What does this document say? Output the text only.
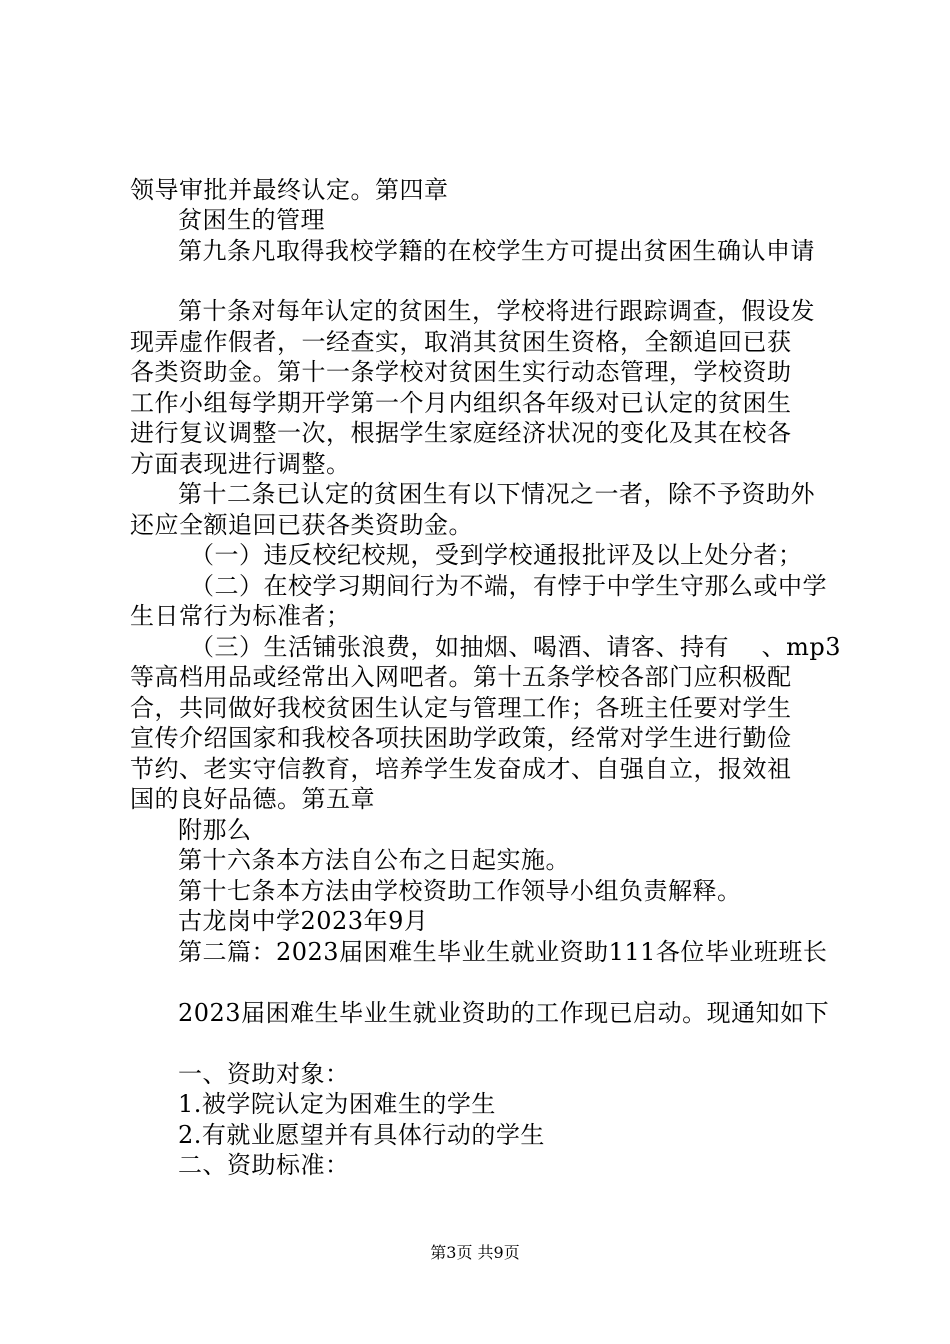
领导审批并最终认定。第四章
贫困生的管理
第九条凡取得我校学籍的在校学生方可提出贫困生确认申请
第十条对每年认定的贫困生，学校将进行跟踪调查，假设发
现弄虚作假者，一经查实，取消其贫困生资格，全额追回已获
各类资助金。第十一条学校对贫困生实行动态管理，学校资助
工作小组每学期开学第一个月内组织各年级对已认定的贫困生
进行复议调整一次，根据学生家庭经济状况的变化及其在校各
方面表现进行调整。
第十二条已认定的贫困生有以下情况之一者，除不予资助外
还应全额追回已获各类资助金。
（一）违反校纪校规，受到学校通报批评及以上处分者；
（二）在校学习期间行为不端，有悖于中学生守那么或中学
生日常行为标准者；
（三）生活铺张浪费，如抽烟、喝酒、请客、持有　 、mp3
等高档用品或经常出入网吧者。第十五条学校各部门应积极配
合，共同做好我校贫困生认定与管理工作；各班主任要对学生
宣传介绍国家和我校各项扶困助学政策，经常对学生进行勤俭
节约、老实守信教育，培养学生发奋成才、自强自立，报效祖
国的良好品德。第五章
附那么
第十六条本方法自公布之日起实施。
第十七条本方法由学校资助工作领导小组负责解释。
古龙岗中学2023年9月
第二篇：2023届困难生毕业生就业资助111各位毕业班班长
2023届困难生毕业生就业资助的工作现已启动。现通知如下
一、资助对象：
1.被学院认定为困难生的学生
2.有就业愿望并有具体行动的学生
二、资助标准：
第3页 共9页
